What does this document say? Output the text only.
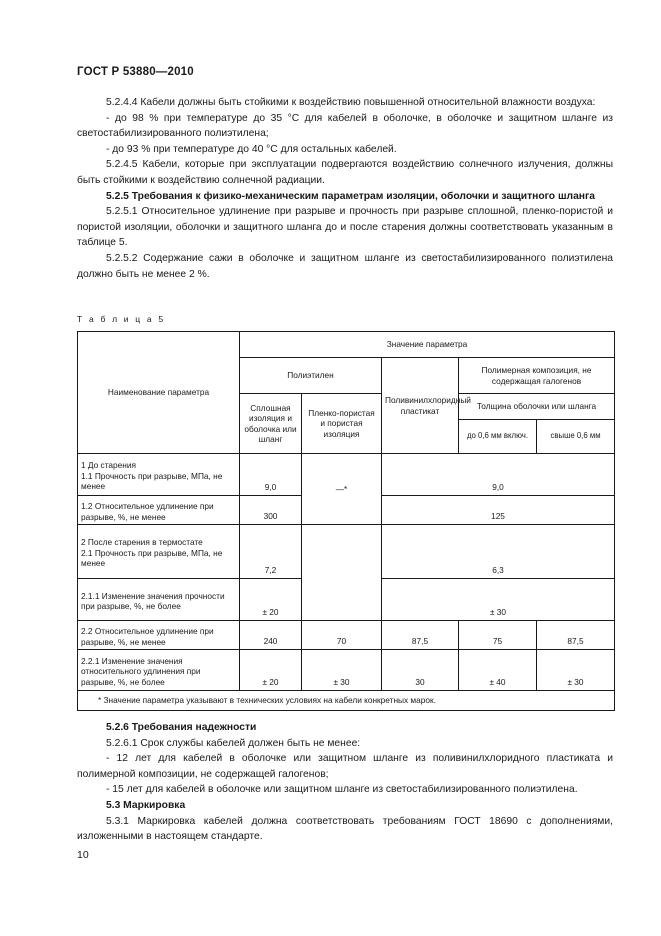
ГОСТ Р 53880—2010

5.2.4.4 Кабели должны быть стойкими к воздействию повышенной относительной влажности воздуха:

- до 98 % при температуре до 35 °С для кабелей в оболочке, в оболочке и защитном шланге из светостабилизированного полиэтилена;

- до 93 % при температуре до 40 °С для остальных кабелей.

5.2.4.5 Кабели, которые при эксплуатации подвергаются воздействию солнечного излучения, должны быть стойкими к воздействию солнечной радиации.

5.2.5 Требования к физико-механическим параметрам изоляции, оболочки и защитного шланга

5.2.5.1 Относительное удлинение при разрыве и прочность при разрыве сплошной, пленко-пористой и пористой изоляции, оболочки и защитного шланга до и после старения должны соответствовать указанным в таблице 5.

5.2.5.2 Содержание сажи в оболочке и защитном шланге из светостабилизированного полиэтилена должно быть не менее 2 %.

Т а б л и ц а 5
Наименование параметра	Значение параметра				
	Полиэтилен		Поливинилхлоридный пластикат	Полимерная композиция, не содержащая галогенов	
	Сплошная изоляция и оболочка или шланг	Пленко-пористая и пористая изоляция		Толщина оболочки или шланга	
				до 0,6 мм включ.	свыше 0,6 мм
1 До старения
1.1 Прочность при разрыве, МПа, не менее	9,0	—*	9,0		
1.2 Относительное удлинение при разрыве, %, не менее	300		125		
2 После старения в термостате
2.1 Прочность при разрыве, МПа, не менее	7,2		6,3		
2.1.1 Изменение значения прочности при разрыве, %, не более	± 20		± 30		
2.2 Относительное удлинение при разрыве, %, не менее	240	70	87,5	75	87,5
2.2.1 Изменение значения относительного удлинения при разрыве, %, не более	± 20	± 30	30	± 40	± 30
* Значение параметра указывают в технических условиях на кабели конкретных марок.					

5.2.6 Требования надежности

5.2.6.1 Срок службы кабелей должен быть не менее:

- 12 лет для кабелей в оболочке или защитном шланге из поливинилхлоридного пластиката и полимерной композиции, не содержащей галогенов;

- 15 лет для кабелей в оболочке или защитном шланге из светостабилизированного полиэтилена.

5.3 Маркировка

5.3.1 Маркировка кабелей должна соответствовать требованиям ГОСТ 18690 с дополнениями, изложенными в настоящем стандарте.

10
